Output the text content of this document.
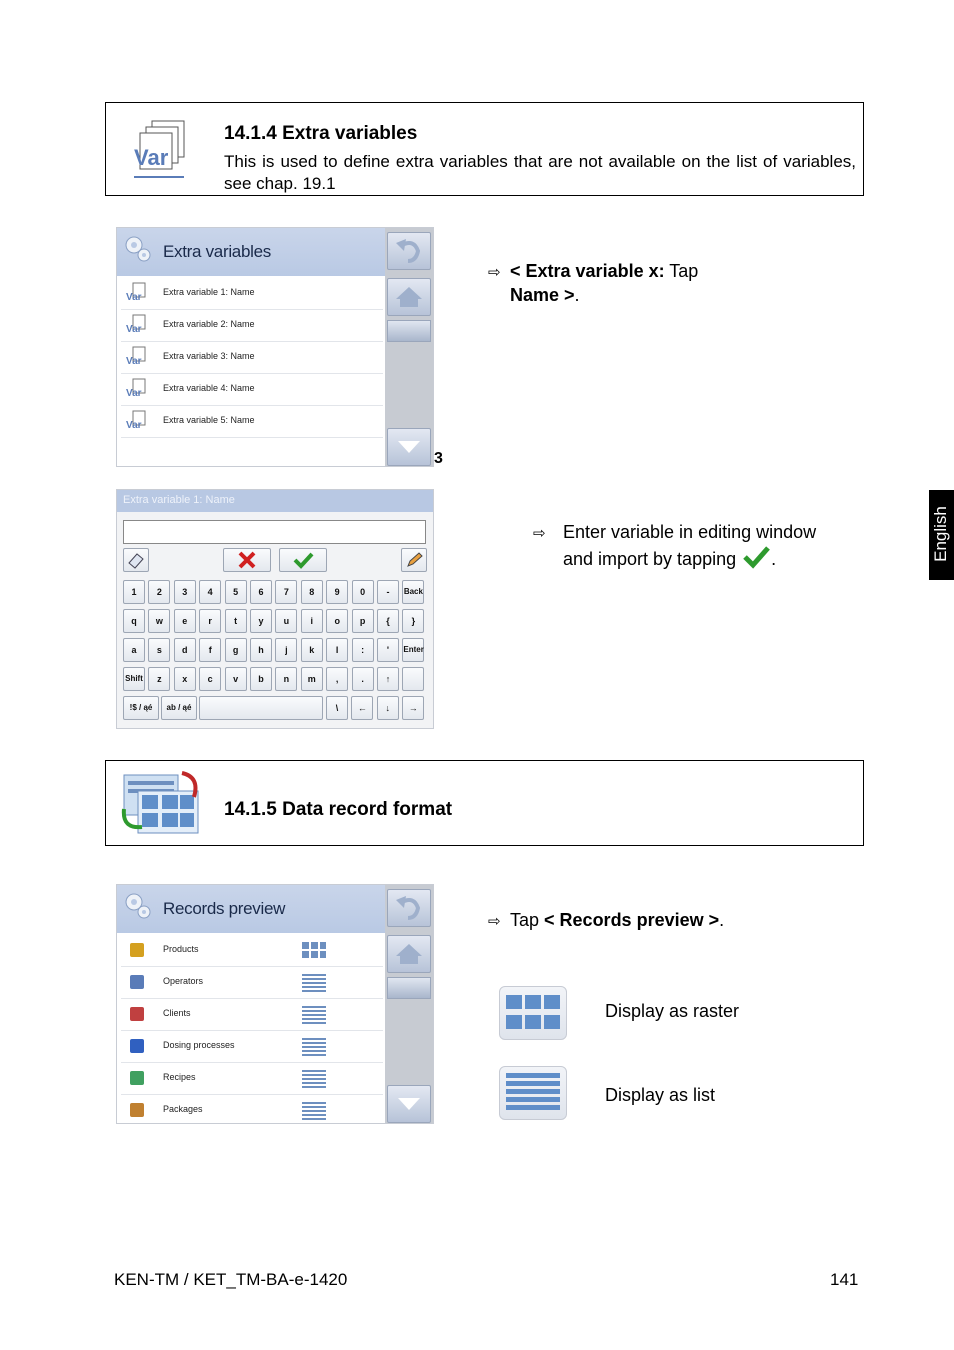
Var
14.1.4 Extra variables
This is used to define extra variables that are not available on the list of variables, see chap. 19.1
Extra variables
Var Extra variable 1: Name
Var Extra variable 2: Name
Var Extra variable 3: Name
Var Extra variable 4: Name
Var Extra variable 5: Name
3
⇨ < Extra variable x: Tap
Name >.
Extra variable 1: Name
1	2	3	4	5	6	7	8	9	0	-	Back
q	w	e	r	t	y	u	i	o	p	{	}
a	s	d	f	g	h	j	k	l	:	'	Enter
Shift	z	x	c	v	b	n	m	,	.	↑
!$ / ąé	ab / ąé	\	←	↓	→
⇨ Enter variable in editing window
and import by tapping .
14.1.5 Data record format
Records preview
Products
Operators
Clients
Dosing processes
Recipes
Packages
⇨ Tap < Records preview >.
Display as raster
Display as list
English
KEN-TM / KET_TM-BA-e-1420	141
